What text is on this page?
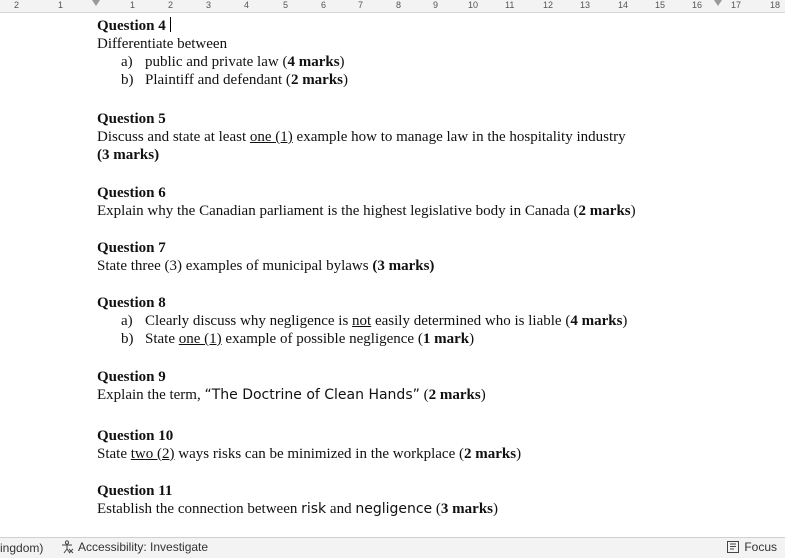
2	1	1	2	3	4	5	6	7	8	9	10	11	12	13	14	15	16	17	18
Question 4
Differentiate between
a) public and private law (4 marks)
b) Plaintiff and defendant (2 marks)
Question 5
Discuss and state at least one (1) example how to manage law in the hospitality industry
(3 marks)
Question 6
Explain why the Canadian parliament is the highest legislative body in Canada (2 marks)
Question 7
State three (3) examples of municipal bylaws (3 marks)
Question 8
a) Clearly discuss why negligence is not easily determined who is liable (4 marks)
b) State one (1) example of possible negligence (1 mark)
Question 9
Explain the term, “The Doctrine of Clean Hands” (2 marks)
Question 10
State two (2) ways risks can be minimized in the workplace (2 marks)
Question 11
Establish the connection between risk and negligence (3 marks)
ingdom)	Accessibility: Investigate	Focus
